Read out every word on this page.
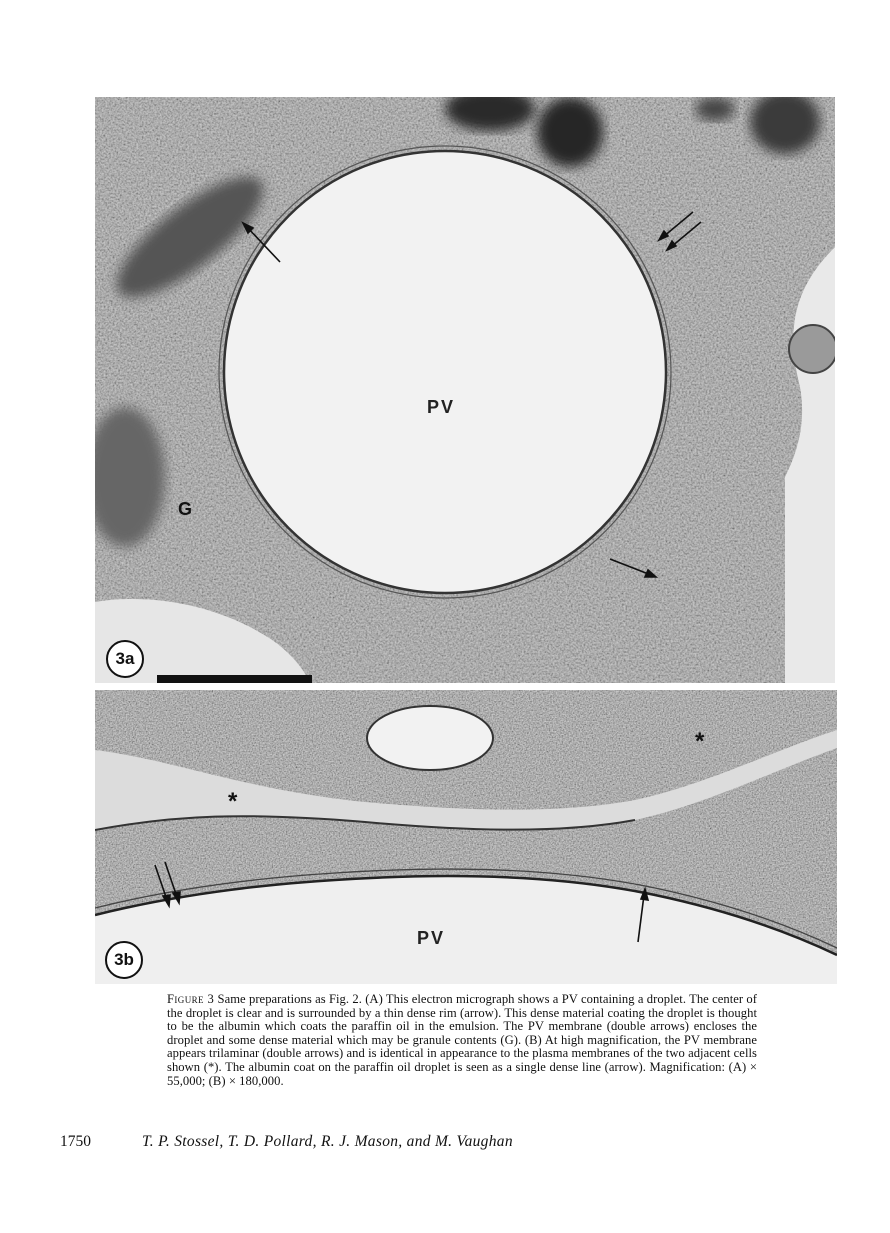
3a
PV
G
3b
PV
*
*
Figure 3 Same preparations as Fig. 2. (A) This electron micrograph shows a PV containing a droplet. The center of the droplet is clear and is surrounded by a thin dense rim (arrow). This dense material coating the droplet is thought to be the albumin which coats the paraffin oil in the emulsion. The PV membrane (double arrows) encloses the droplet and some dense material which may be granule contents (G). (B) At high magnification, the PV membrane appears trilaminar (double arrows) and is identical in appearance to the plasma membranes of the two adjacent cells shown (*). The albumin coat on the paraffin oil droplet is seen as a single dense line (arrow). Magnification: (A) × 55,000; (B) × 180,000.
1750	T. P. Stossel, T. D. Pollard, R. J. Mason, and M. Vaughan
